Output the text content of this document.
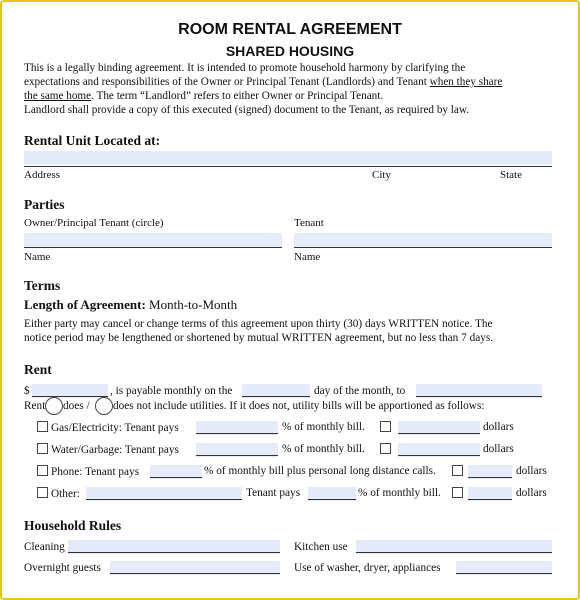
ROOM RENTAL AGREEMENT
SHARED HOUSING
This is a legally binding agreement. It is intended to promote household harmony by clarifying the
expectations and responsibilities of the Owner or Principal Tenant (Landlords) and Tenant when they share
the same home. The term “Landlord” refers to either Owner or Principal Tenant.
Landlord shall provide a copy of this executed (signed) document to the Tenant, as required by law.
Rental Unit Located at:
Address	City	State
Parties
Owner/Principal Tenant (circle)	Tenant
Name	Name
Terms
Length of Agreement: Month-to-Month
Either party may cancel or change terms of this agreement upon thirty (30) days WRITTEN notice. The
notice period may be lengthened or shortened by mutual WRITTEN agreement, but no less than 7 days.
Rent
$	, is payable monthly on the	day of the month, to
Rent does / does not include utilities. If it does not, utility bills will be apportioned as follows:
Gas/Electricity: Tenant pays	% of monthly bill.	dollars
Water/Garbage: Tenant pays	% of monthly bill.	dollars
Phone: Tenant pays	% of monthly bill plus personal long distance calls.	dollars
Other:	Tenant pays	% of monthly bill.	dollars
Household Rules
Cleaning	Kitchen use
Overnight guests	Use of washer, dryer, appliances
